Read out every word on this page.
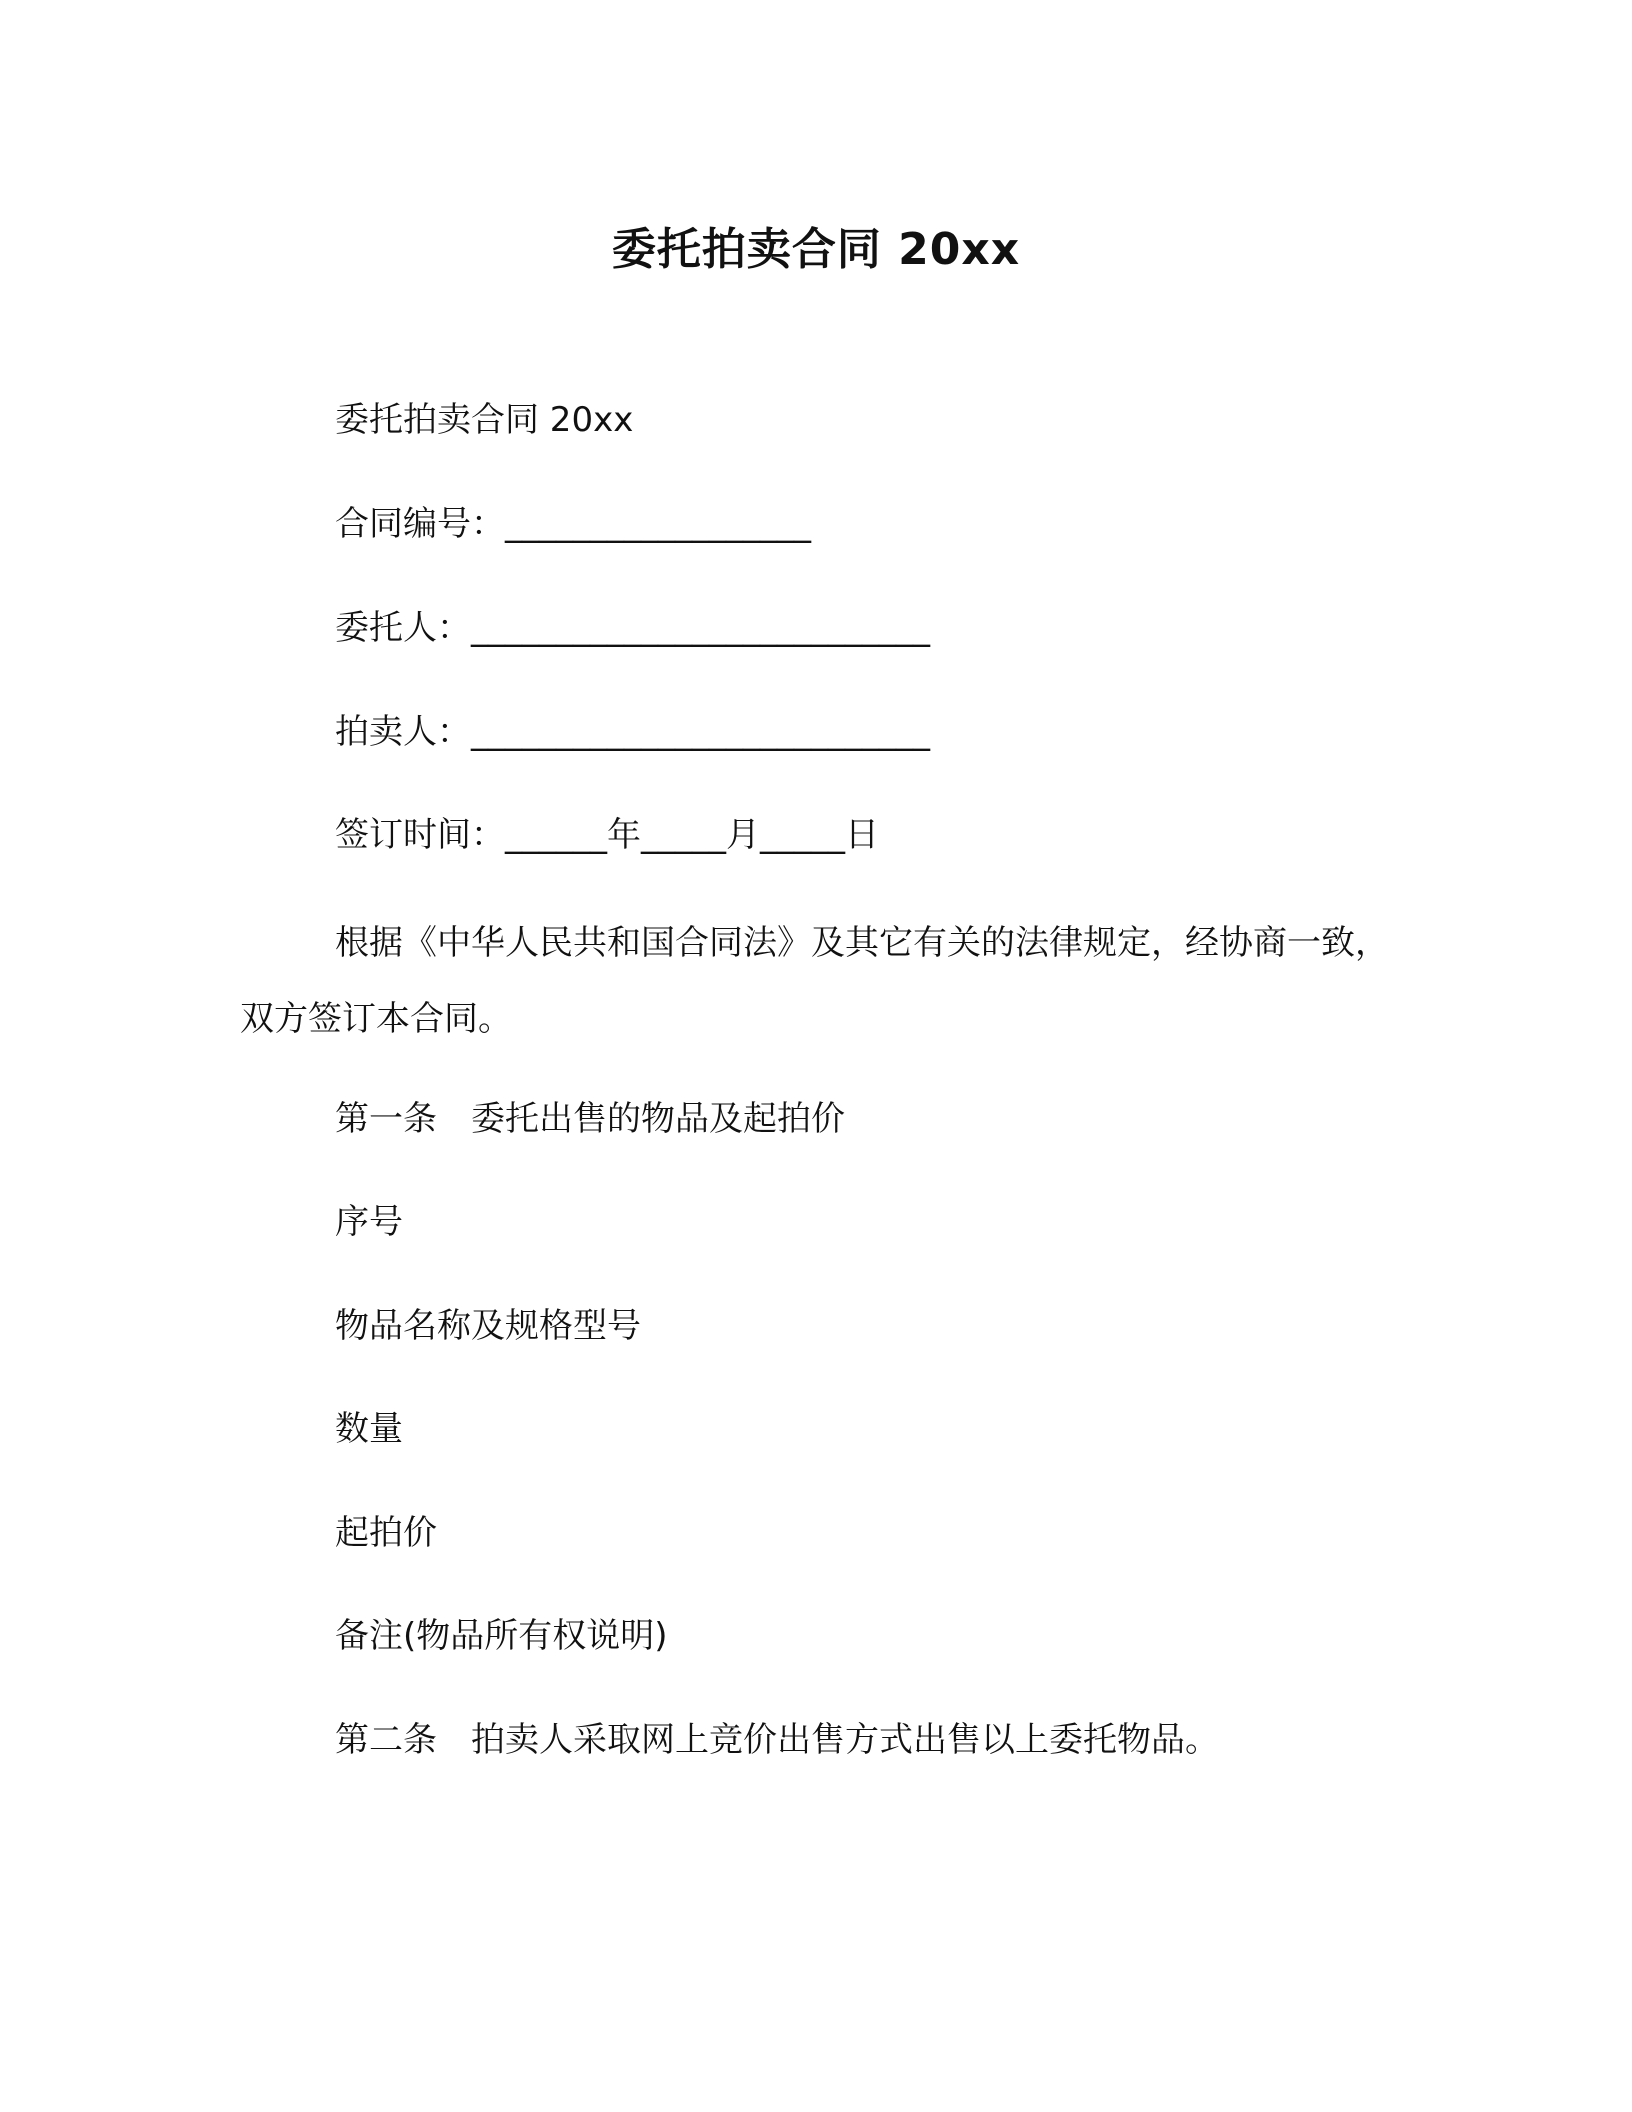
委托拍卖合同 20xx
委托拍卖合同 20xx
合同编号：__________________
委托人：___________________________
拍卖人：___________________________
签订时间：______年_____月_____日
根据《中华人民共和国合同法》及其它有关的法律规定，经协商一致，双方签订本合同。
第一条　委托出售的物品及起拍价
序号
物品名称及规格型号
数量
起拍价
备注(物品所有权说明)
第二条　拍卖人采取网上竞价出售方式出售以上委托物品。
